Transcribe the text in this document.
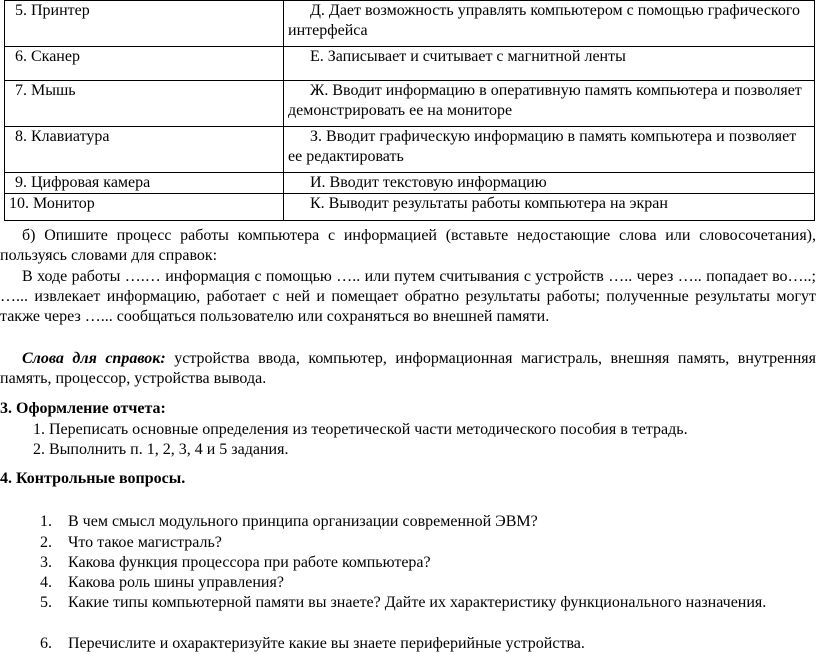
5. Принтер	Д. Дает возможность управлять компьютером с помощью графического интерфейса
6. Сканер	Е. Записывает и считывает с магнитной ленты
7. Мышь	Ж. Вводит информацию в оперативную память компьютера и позволяет демонстрировать ее на мониторе
8. Клавиатура	З. Вводит графическую информацию в память компьютера и позволяет ее редактировать
9. Цифровая камера	И. Вводит текстовую информацию
10. Монитор	К. Выводит результаты работы компьютера на экран
б) Опишите процесс работы компьютера с информацией (вставьте недостающие слова или словосочетания), пользуясь словами для справок:
В ходе работы ….… информация с помощью ….. или путем считывания с устройств ….. через ….. попадает во…..; …... извлекает информацию, работает с ней и помещает обратно результаты работы; полученные результаты могут также через …... сообщаться пользователю или сохраняться во внешней памяти.
Слова для справок: устройства ввода, компьютер, информационная магистраль, внешняя память, внутренняя память, процессор, устройства вывода.
3. Оформление отчета:
1. Переписать основные определения из теоретической части методического пособия в тетрадь.
2. Выполнить п. 1, 2, 3, 4 и 5 задания.
4. Контрольные вопросы.
1. В чем смысл модульного принципа организации современной ЭВМ?
2. Что такое магистраль?
3. Какова функция процессора при работе компьютера?
4. Какова роль шины управления?
5. Какие типы компьютерной памяти вы знаете? Дайте их характеристику функционального назначения.
6. Перечислите и охарактеризуйте какие вы знаете периферийные устройства.
